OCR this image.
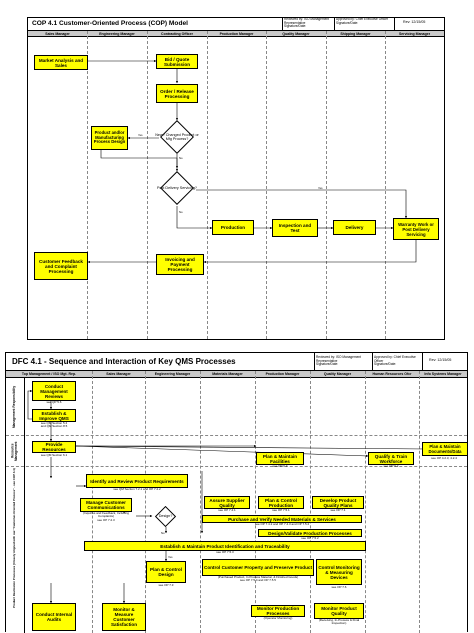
COP 4.1 Customer-Oriented Process (COP) Model
Reviewed by: ISO Management
Representative
Signature/Date:
Approved by: Chief Executive Officer
Signature/Date:	Rev: 12/15/05
Sales Manager	Engineering Manager	Contracting Officer	Production Manager	Quality Manager	Shipping Manager	Servicing Manager
Market Analysis and Sales
Bid / Quote Submission
Order / Release Processing
Product and/or Manufacturing Process Design
New / Changed Product or Mfg Process?
Yes
No
Post Delivery Servicing?	Yes
No
Production	Inspection and Test
Delivery
Warranty Work or Post Delivery Servicing
Customer Feedback and Complaint Processing
Invoicing and Payment Processing
DFC 4.1 - Sequence and Interaction of Key QMS Processes	Reviewed by: ISO Management Representative
Signature/Date:
Approved by: Chief Executive Officer
Signature/Date:
Rev: 12/15/05
Top Management / ISO Mgt. Rep.	Sales Manager	Engineering Manager	Materials Manager	Production Manager	Quality Manager	Human Resources Ofcr	Info Systems Manager
Management Responsibility
Resource Management
Product Realization Processes (Closely Aligned with our "Customer-Oriented Process" - see COP 4.1)
Conduct Management Reviews
see QP 5.6
Establish & Improve QMS
see QM Section 5.4
and QM Section 8.5
Provide Resources
see QM Section 6.1	Plan & Maintain Facilities
see OP 6.3
Qualify & Train Workforce
see OP 6.2
Plan & Maintain Documents/Data
see OP 4.2.3, 4.2.4
Identify and Review Product Requirements
see QM Section 7.2.1 and OP 7.2.2
Manage Customer Communications
(Inquiries and Feedback, Including Complaints)
see OP 7.2.3
Design?
No
Yes
Assure Supplier Quality
see OP 7.4.1
Plan & Control Production
see OP 7.5.1
Develop Product Quality Plans
see OP 7.1
Purchase and Verify Needed Materials & Services
see OP 7.4.2 and OP 7.4.3 and OP 7.5.2
Design/Validate Production Processes
see OP 7.5.2
Establish & Maintain Product Identification and Traceability
see OP 7.5.3
Plan & Control Design
see OP 7.3
Control Customer Property and Preserve Product
(Purchased Product, In Process Material, & Finished Goods)
see OP 7.5.4 and OP 7.5.5
Control Monitoring & Measuring Devices
see OP 7.6
Conduct Internal Audits
Monitor & Measure Customer Satisfaction
Monitor Production Processes
(Operator Monitoring)
Monitor Product Quality
(Receiving, In-Process & Final Inspection)
